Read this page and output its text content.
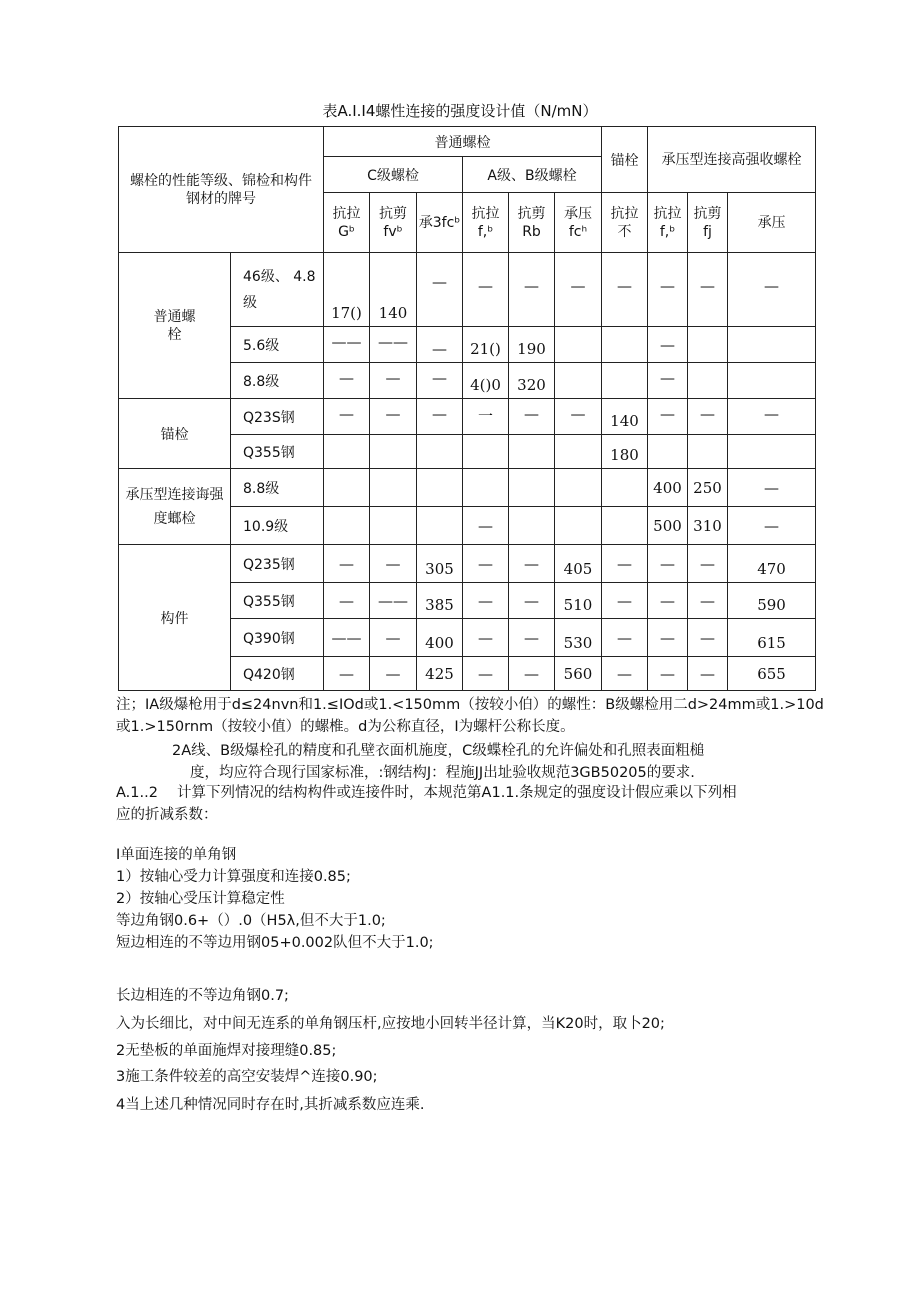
表A.I.I4螺性连接的强度设计值（N/mN）
螺栓的性能等级、锦检和构件钢材的牌号		普通螺检						锚栓	承压型连接高强收螺栓		

		C级螺检			A级、B级螺栓						

		抗拉 Gᵇ	抗剪 fvᵇ	承3fcᵇ	抗拉 f,ᵇ	抗剪 Rb	承压 fcʰ	抗拉 不	抗拉 f,ᵇ	抗剪 fj	承压

普通螺栓	46级、 4.8级	17()	140	—	—	—	—	—	—	—	—

	5.6级	——	——	—	21()	190			—		

	8.8级	—	—	—	4()0	320			—		

锚检	Q23S钢	—	—	—	一	—	—	140	—	—	—

	Q355钢							180			

承压型连接诲强度螂检	8.8级								400	250	—

	10.9级				—				500	310	—

构件	Q235钢	—	—	305	—	—	405	—	—	—	470

	Q355钢	—	——	385	—	—	510	—	—	—	590

	Q390钢	——	—	400	—	—	530	—	—	—	615

	Q420钢	—	—	425	—	—	560	—	—	—	655
注；IA级爆枪用于d≤24nvn和1.≤IOd或1.<150mm（按较小伯）的螺性：B级螺检用二d>24mm或1.>10d
或1.>150rnm（按较小值）的螺椎。d为公称直径，I为螺杆公称长度。
2A线、B级爆栓孔的精度和孔壁衣面机施度，C级蝶栓孔的允许偏处和孔照表面粗槌
度，均应符合现行国家标准，:钢结构J：程施JJ出址验收规范3GB50205的要求.
A.1..2　 计算下列情况的结构构件或连接件时，本规范第A1.1.条规定的强度设计假应乘以下列相
应的折减系数：
I单面连接的单角钢
1）按轴心受力计算强度和连接0.85;
2）按轴心受压计算稳定性
等边角钢0.6+（）.0（H5λ,但不大于1.0;
短边相连的不等边用钢05+0.002队但不大于1.0;
长边相连的不等边角钢0.7;
入为长细比，对中间无连系的单角钢压杆,应按地小回转半径计算，当K20时，取卜20;
2无垫板的单面施焊对接理缝0.85;
3施工条件较差的高空安装焊^连接0.90;
4当上述几种情况同时存在时,其折减系数应连乘.
